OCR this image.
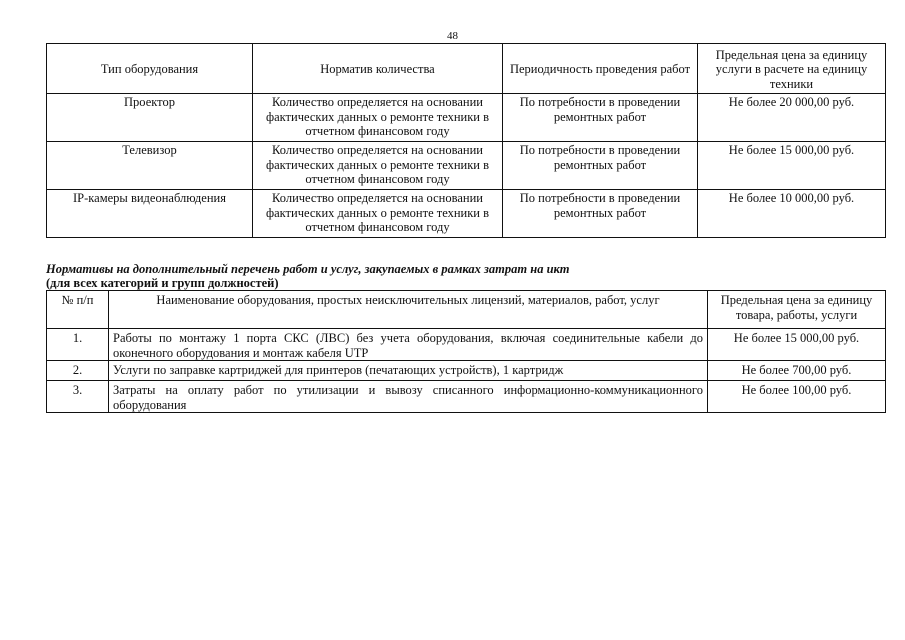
48
Тип оборудования	Норматив количества	Периодичность проведения работ	Предельная цена за единицу услуги в расчете на единицу техники
Проектор	Количество определяется на основании фактических данных о ремонте техники в отчетном финансовом году	По потребности в проведении ремонтных работ	Не более 20 000,00 руб.
Телевизор	Количество определяется на основании фактических данных о ремонте техники в отчетном финансовом году	По потребности в проведении ремонтных работ	Не более 15 000,00 руб.
IP-камеры видеонаблюдения	Количество определяется на основании фактических данных о ремонте техники в отчетном финансовом году	По потребности в проведении ремонтных работ	Не более 10 000,00 руб.
Нормативы на дополнительный перечень работ и услуг, закупаемых в рамках затрат на икт
(для всех категорий и групп должностей)
№ п/п	Наименование оборудования, простых неисключительных лицензий, материалов, работ, услуг	Предельная цена за единицу товара, работы, услуги
1.	Работы по монтажу 1 порта СКС (ЛВС) без учета оборудования, включая соединительные кабели до оконечного оборудования и монтаж кабеля UTP	Не более 15 000,00 руб.
2.	Услуги по заправке картриджей для принтеров (печатающих устройств), 1 картридж	Не более 700,00 руб.
3.	Затраты на оплату работ по утилизации и вывозу списанного информационно-коммуникационного оборудования	Не более 100,00 руб.
